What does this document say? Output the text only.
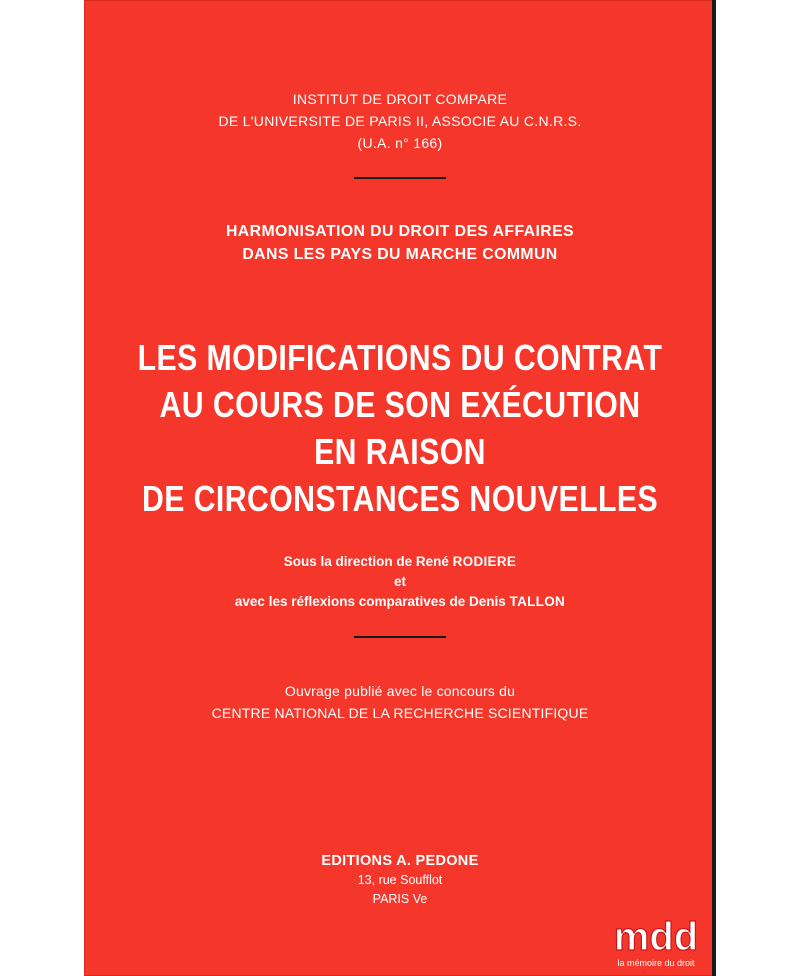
INSTITUT DE DROIT COMPARE
DE L'UNIVERSITE DE PARIS II, ASSOCIE AU C.N.R.S.
(U.A. n° 166)
HARMONISATION DU DROIT DES AFFAIRES
DANS LES PAYS DU MARCHE COMMUN
LES MODIFICATIONS DU CONTRAT
AU COURS DE SON EXÉCUTION
EN RAISON
DE CIRCONSTANCES NOUVELLES
Sous la direction de René RODIERE
et
avec les réflexions comparatives de Denis TALLON
Ouvrage publié avec le concours du
CENTRE NATIONAL DE LA RECHERCHE SCIENTIFIQUE
EDITIONS A. PEDONE
13, rue Soufflot
PARIS Ve
mdd
la mémoire du droit
